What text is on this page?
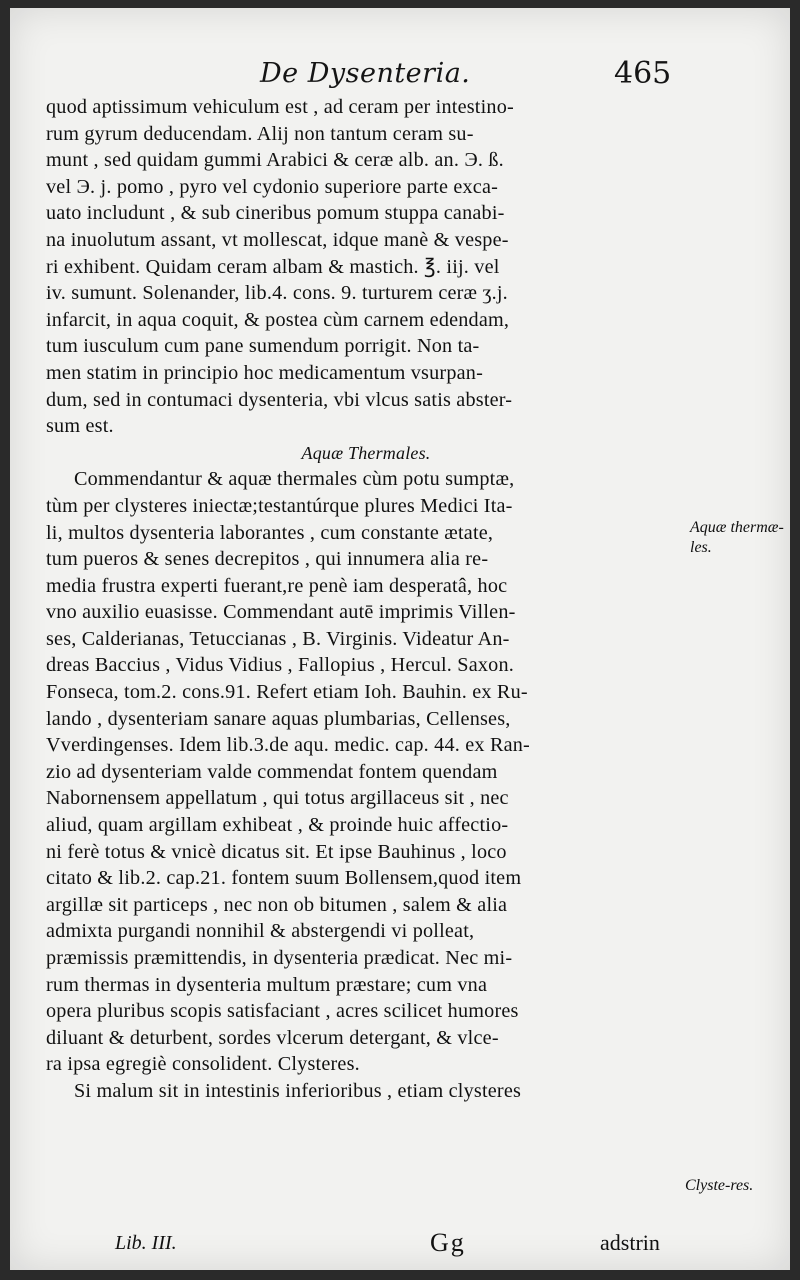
De Dysenteria.	465
quod aptissimum vehiculum est , ad ceram per intestino-
rum gyrum deducendam. Alij non tantum ceram su-
munt , sed quidam gummi Arabici & ceræ alb. an. Э. ß.
vel Э. j. pomo , pyro vel cydonio superiore parte exca-
uato includunt , & sub cineribus pomum stuppa canabi-
na inuolutum assant, vt mollescat, idque manè & vespe-
ri exhibent. Quidam ceram albam & mastich. ℥. iij. vel
iv. sumunt. Solenander, lib.4. cons. 9. turturem ceræ ʒ.j.
infarcit, in aqua coquit, & postea cùm carnem edendam,
tum iusculum cum pane sumendum porrigit. Non ta-
men statim in principio hoc medicamentum vsurpan-
dum, sed in contumaci dysenteria, vbi vlcus satis abster-
sum est.
Aquæ Thermales.
Commendantur & aquæ thermales cùm potu sumptæ,
tùm per clysteres iniectæ;testantúrque plures Medici Ita-
li, multos dysenteria laborantes , cum constante ætate,
tum pueros & senes decrepitos , qui innumera alia re-
media frustra experti fuerant,re penè iam desperatâ, hoc
vno auxilio euasisse. Commendant autē imprimis Villen-
ses, Calderianas, Tetuccianas , B. Virginis. Videatur An-
dreas Baccius , Vidus Vidius , Fallopius , Hercul. Saxon.
Fonseca, tom.2. cons.91. Refert etiam Ioh. Bauhin. ex Ru-
lando , dysenteriam sanare aquas plumbarias, Cellenses,
Vverdingenses. Idem lib.3.de aqu. medic. cap. 44. ex Ran-
zio ad dysenteriam valde commendat fontem quendam
Nabornensem appellatum , qui totus argillaceus sit , nec
aliud, quam argillam exhibeat , & proinde huic affectio-
ni ferè totus & vnicè dicatus sit. Et ipse Bauhinus , loco
citato & lib.2. cap.21. fontem suum Bollensem,quod item
argillæ sit particeps , nec non ob bitumen , salem & alia
admixta purgandi nonnihil & abstergendi vi polleat,
præmissis præmittendis, in dysenteria prædicat. Nec mi-
rum thermas in dysenteria multum præstare; cum vna
opera pluribus scopis satisfaciant , acres scilicet humores
diluant & deturbent, sordes vlcerum detergant, & vlce-
ra ipsa egregiè consolident. Clysteres.
Si malum sit in intestinis inferioribus , etiam clysteres
Aquæ thermæ-les.
Clyste-res.
Lib. III.	Gg	adstrin
